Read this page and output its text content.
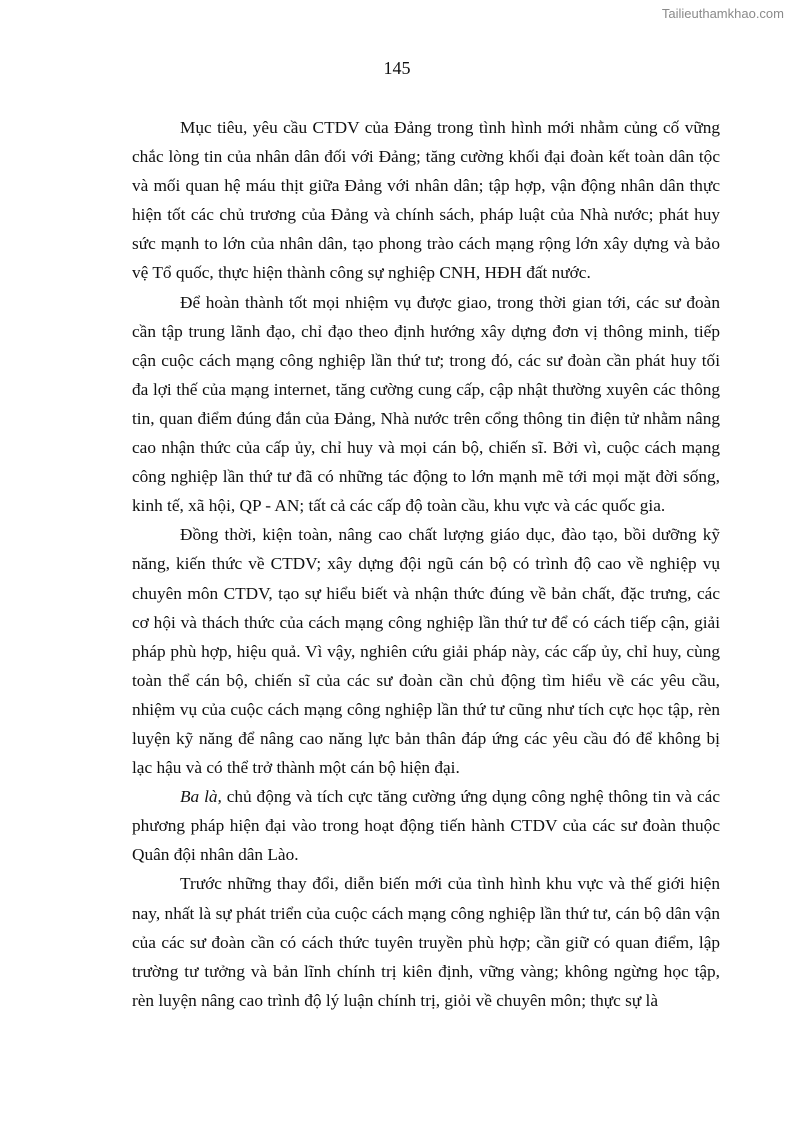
Tailieuthamkhao.com
145

Mục tiêu, yêu cầu CTDV của Đảng trong tình hình mới nhằm củng cố vững chắc lòng tin của nhân dân đối với Đảng; tăng cường khối đại đoàn kết toàn dân tộc và mối quan hệ máu thịt giữa Đảng với nhân dân; tập hợp, vận động nhân dân thực hiện tốt các chủ trương của Đảng và chính sách, pháp luật của Nhà nước; phát huy sức mạnh to lớn của nhân dân, tạo phong trào cách mạng rộng lớn xây dựng và bảo vệ Tổ quốc, thực hiện thành công sự nghiệp CNH, HĐH đất nước.

Để hoàn thành tốt mọi nhiệm vụ được giao, trong thời gian tới, các sư đoàn cần tập trung lãnh đạo, chỉ đạo theo định hướng xây dựng đơn vị thông minh, tiếp cận cuộc cách mạng công nghiệp lần thứ tư; trong đó, các sư đoàn cần phát huy tối đa lợi thế của mạng internet, tăng cường cung cấp, cập nhật thường xuyên các thông tin, quan điểm đúng đắn của Đảng, Nhà nước trên cổng thông tin điện tử nhằm nâng cao nhận thức của cấp ủy, chỉ huy và mọi cán bộ, chiến sĩ. Bởi vì, cuộc cách mạng công nghiệp lần thứ tư đã có những tác động to lớn mạnh mẽ tới mọi mặt đời sống, kinh tế, xã hội, QP - AN; tất cả các cấp độ toàn cầu, khu vực và các quốc gia.

Đồng thời, kiện toàn, nâng cao chất lượng giáo dục, đào tạo, bồi dưỡng kỹ năng, kiến thức về CTDV; xây dựng đội ngũ cán bộ có trình độ cao về nghiệp vụ chuyên môn CTDV, tạo sự hiểu biết và nhận thức đúng về bản chất, đặc trưng, các cơ hội và thách thức của cách mạng công nghiệp lần thứ tư để có cách tiếp cận, giải pháp phù hợp, hiệu quả. Vì vậy, nghiên cứu giải pháp này, các cấp ủy, chỉ huy, cùng toàn thể cán bộ, chiến sĩ của các sư đoàn cần chủ động tìm hiểu về các yêu cầu, nhiệm vụ của cuộc cách mạng công nghiệp lần thứ tư cũng như tích cực học tập, rèn luyện kỹ năng để nâng cao năng lực bản thân đáp ứng các yêu cầu đó để không bị lạc hậu và có thể trở thành một cán bộ hiện đại.

Ba là, chủ động và tích cực tăng cường ứng dụng công nghệ thông tin và các phương pháp hiện đại vào trong hoạt động tiến hành CTDV của các sư đoàn thuộc Quân đội nhân dân Lào.

Trước những thay đổi, diễn biến mới của tình hình khu vực và thế giới hiện nay, nhất là sự phát triển của cuộc cách mạng công nghiệp lần thứ tư, cán bộ dân vận của các sư đoàn cần có cách thức tuyên truyền phù hợp; cần giữ có quan điểm, lập trường tư tưởng và bản lĩnh chính trị kiên định, vững vàng; không ngừng học tập, rèn luyện nâng cao trình độ lý luận chính trị, giỏi về chuyên môn; thực sự là
